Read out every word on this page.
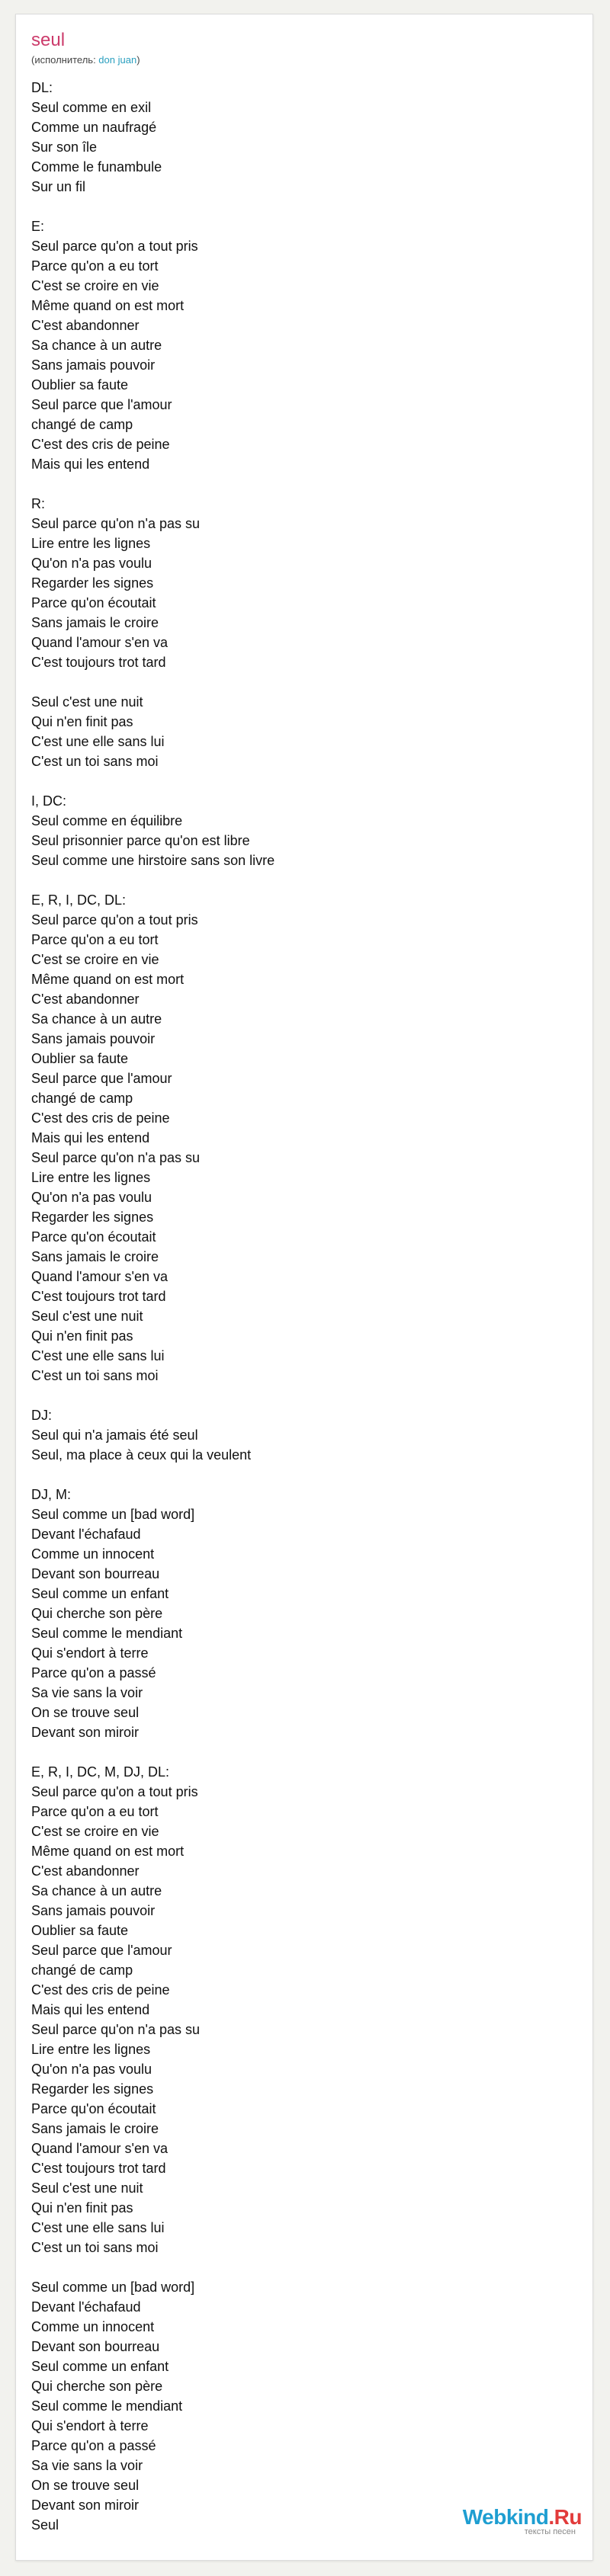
seul
(исполнитель: don juan)
DL:
Seul comme en exil
Comme un naufragé
Sur son île
Comme le funambule
Sur un fil
E:
Seul parce qu'on a tout pris
Parce qu'on a eu tort
C'est se croire en vie
Même quand on est mort
C'est abandonner
Sa chance à un autre
Sans jamais pouvoir
Oublier sa faute
Seul parce que l'amour
changé de camp
C'est des cris de peine
Mais qui les entend
R:
Seul parce qu'on n'a pas su
Lire entre les lignes
Qu'on n'a pas voulu
Regarder les signes
Parce qu'on écoutait
Sans jamais le croire
Quand l'amour s'en va
C'est toujours trot tard
Seul c'est une nuit
Qui n'en finit pas
C'est une elle sans lui
C'est un toi sans moi
I, DC:
Seul comme en équilibre
Seul prisonnier parce qu'on est libre
Seul comme une hirstoire sans son livre
E, R, I, DC, DL:
Seul parce qu'on a tout pris
Parce qu'on a eu tort
C'est se croire en vie
Même quand on est mort
C'est abandonner
Sa chance à un autre
Sans jamais pouvoir
Oublier sa faute
Seul parce que l'amour
changé de camp
C'est des cris de peine
Mais qui les entend
Seul parce qu'on n'a pas su
Lire entre les lignes
Qu'on n'a pas voulu
Regarder les signes
Parce qu'on écoutait
Sans jamais le croire
Quand l'amour s'en va
C'est toujours trot tard
Seul c'est une nuit
Qui n'en finit pas
C'est une elle sans lui
C'est un toi sans moi
DJ:
Seul qui n'a jamais été seul
Seul, ma place à ceux qui la veulent
DJ, M:
Seul comme un [bad word]
Devant l'échafaud
Comme un innocent
Devant son bourreau
Seul comme un enfant
Qui cherche son père
Seul comme le mendiant
Qui s'endort à terre
Parce qu'on a passé
Sa vie sans la voir
On se trouve seul
Devant son miroir
E, R, I, DC, M, DJ, DL:
Seul parce qu'on a tout pris
Parce qu'on a eu tort
C'est se croire en vie
Même quand on est mort
C'est abandonner
Sa chance à un autre
Sans jamais pouvoir
Oublier sa faute
Seul parce que l'amour
changé de camp
C'est des cris de peine
Mais qui les entend
Seul parce qu'on n'a pas su
Lire entre les lignes
Qu'on n'a pas voulu
Regarder les signes
Parce qu'on écoutait
Sans jamais le croire
Quand l'amour s'en va
C'est toujours trot tard
Seul c'est une nuit
Qui n'en finit pas
C'est une elle sans lui
C'est un toi sans moi
Seul comme un [bad word]
Devant l'échafaud
Comme un innocent
Devant son bourreau
Seul comme un enfant
Qui cherche son père
Seul comme le mendiant
Qui s'endort à terre
Parce qu'on a passé
Sa vie sans la voir
On se trouve seul
Devant son miroir
Seul	Webkind.Ru
тексты песен
